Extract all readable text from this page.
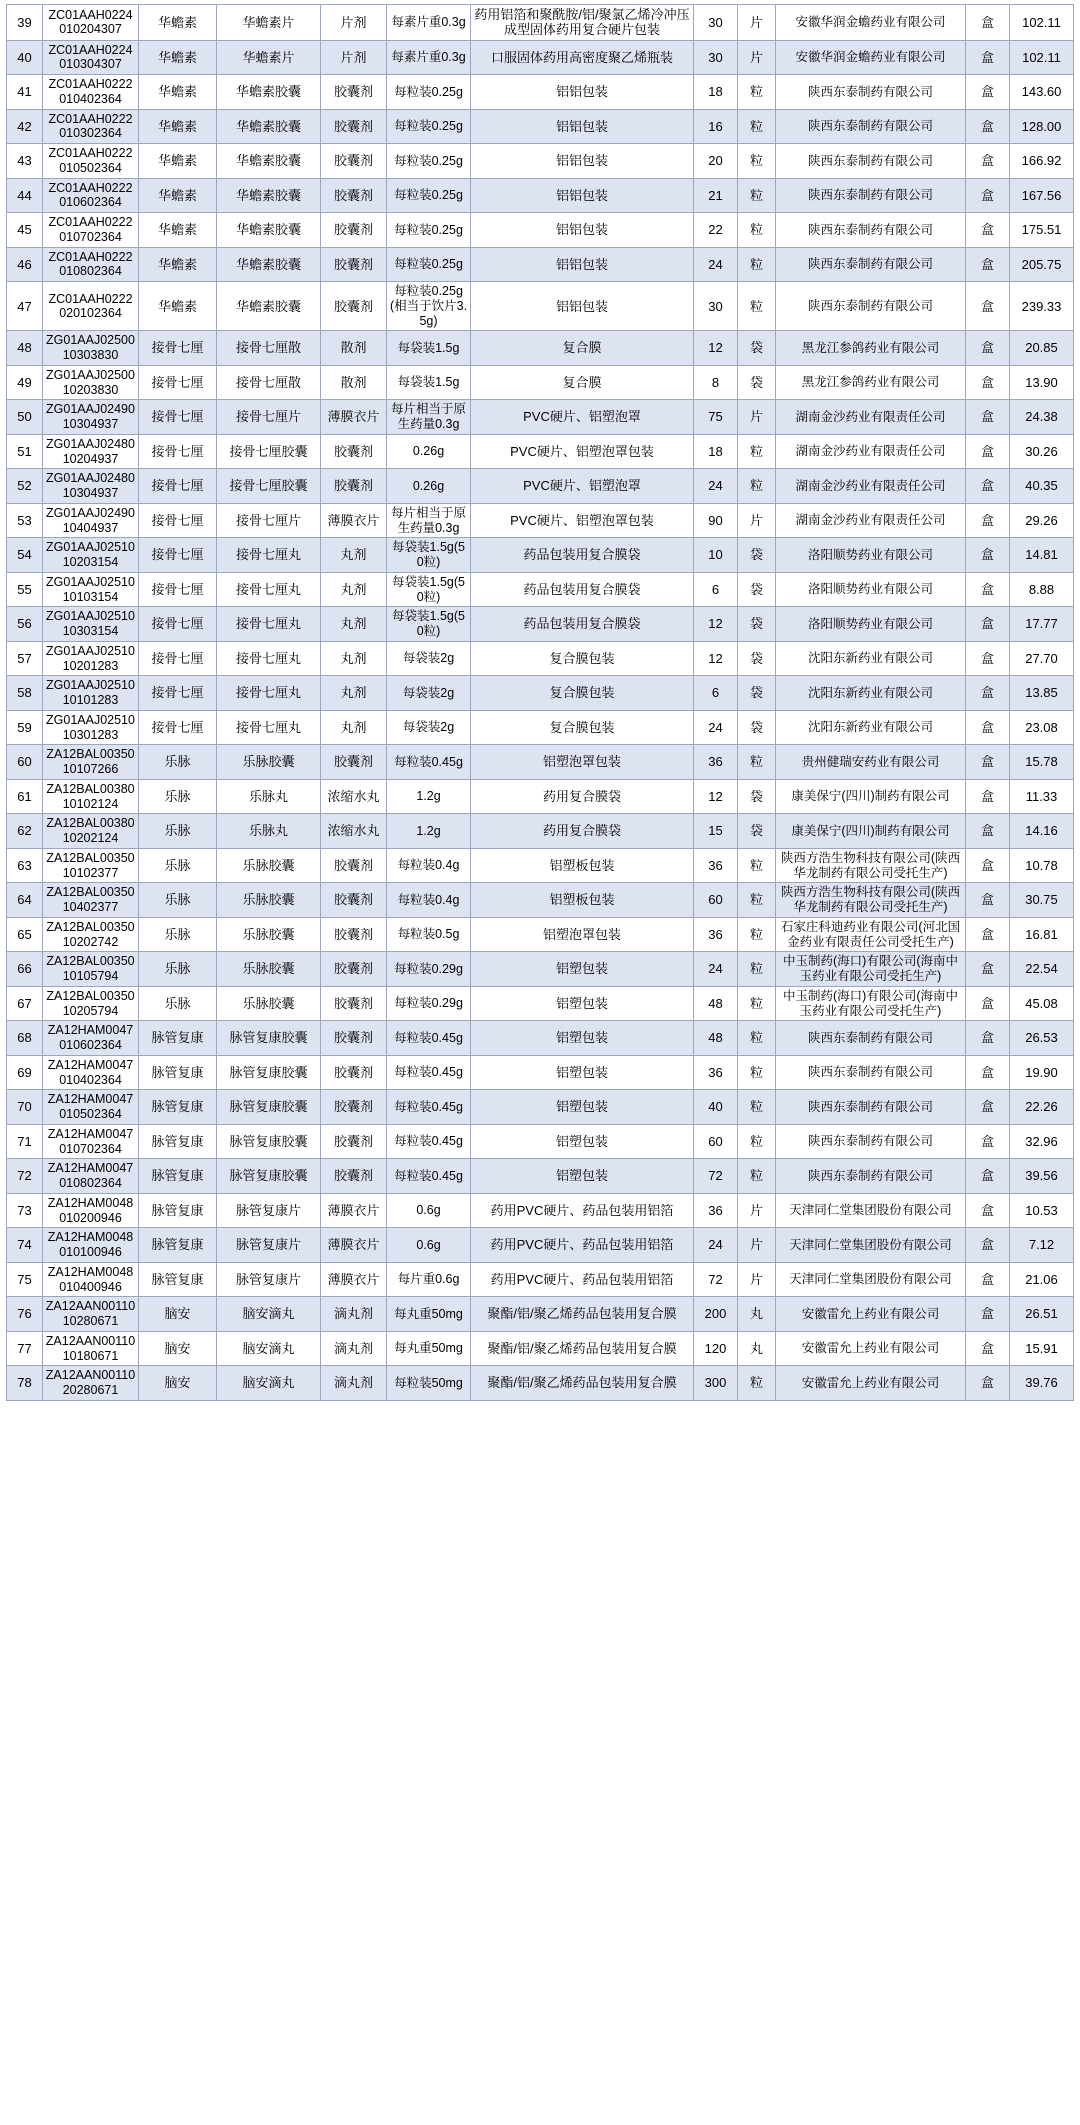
39	ZC01AAH0224010204307	华蟾素	华蟾素片	片剂	每素片重0.3g	药用铝箔和聚酰胺/铝/聚氯乙烯冷冲压成型固体药用复合硬片包装	30	片	安徽华润金蟾药业有限公司	盒	102.11
40	ZC01AAH0224010304307	华蟾素	华蟾素片	片剂	每素片重0.3g	口服固体药用高密度聚乙烯瓶装	30	片	安徽华润金蟾药业有限公司	盒	102.11
41	ZC01AAH0222010402364	华蟾素	华蟾素胶囊	胶囊剂	每粒装0.25g	铝铝包装	18	粒	陕西东泰制药有限公司	盒	143.60
42	ZC01AAH0222010302364	华蟾素	华蟾素胶囊	胶囊剂	每粒装0.25g	铝铝包装	16	粒	陕西东泰制药有限公司	盒	128.00
43	ZC01AAH0222010502364	华蟾素	华蟾素胶囊	胶囊剂	每粒装0.25g	铝铝包装	20	粒	陕西东泰制药有限公司	盒	166.92
44	ZC01AAH0222010602364	华蟾素	华蟾素胶囊	胶囊剂	每粒装0.25g	铝铝包装	21	粒	陕西东泰制药有限公司	盒	167.56
45	ZC01AAH0222010702364	华蟾素	华蟾素胶囊	胶囊剂	每粒装0.25g	铝铝包装	22	粒	陕西东泰制药有限公司	盒	175.51
46	ZC01AAH0222010802364	华蟾素	华蟾素胶囊	胶囊剂	每粒装0.25g	铝铝包装	24	粒	陕西东泰制药有限公司	盒	205.75
47	ZC01AAH0222020102364	华蟾素	华蟾素胶囊	胶囊剂	每粒装0.25g(相当于饮片3.5g)	铝铝包装	30	粒	陕西东泰制药有限公司	盒	239.33
48	ZG01AAJ0250010303830	接骨七厘	接骨七厘散	散剂	每袋装1.5g	复合膜	12	袋	黑龙江参鸽药业有限公司	盒	20.85
49	ZG01AAJ0250010203830	接骨七厘	接骨七厘散	散剂	每袋装1.5g	复合膜	8	袋	黑龙江参鸽药业有限公司	盒	13.90
50	ZG01AAJ0249010304937	接骨七厘	接骨七厘片	薄膜衣片	每片相当于原生药量0.3g	PVC硬片、铝塑泡罩	75	片	湖南金沙药业有限责任公司	盒	24.38
51	ZG01AAJ0248010204937	接骨七厘	接骨七厘胶囊	胶囊剂	0.26g	PVC硬片、铝塑泡罩包装	18	粒	湖南金沙药业有限责任公司	盒	30.26
52	ZG01AAJ0248010304937	接骨七厘	接骨七厘胶囊	胶囊剂	0.26g	PVC硬片、铝塑泡罩	24	粒	湖南金沙药业有限责任公司	盒	40.35
53	ZG01AAJ0249010404937	接骨七厘	接骨七厘片	薄膜衣片	每片相当于原生药量0.3g	PVC硬片、铝塑泡罩包装	90	片	湖南金沙药业有限责任公司	盒	29.26
54	ZG01AAJ0251010203154	接骨七厘	接骨七厘丸	丸剂	每袋装1.5g(50粒)	药品包装用复合膜袋	10	袋	洛阳顺势药业有限公司	盒	14.81
55	ZG01AAJ0251010103154	接骨七厘	接骨七厘丸	丸剂	每袋装1.5g(50粒)	药品包装用复合膜袋	6	袋	洛阳顺势药业有限公司	盒	8.88
56	ZG01AAJ0251010303154	接骨七厘	接骨七厘丸	丸剂	每袋装1.5g(50粒)	药品包装用复合膜袋	12	袋	洛阳顺势药业有限公司	盒	17.77
57	ZG01AAJ0251010201283	接骨七厘	接骨七厘丸	丸剂	每袋装2g	复合膜包装	12	袋	沈阳东新药业有限公司	盒	27.70
58	ZG01AAJ0251010101283	接骨七厘	接骨七厘丸	丸剂	每袋装2g	复合膜包装	6	袋	沈阳东新药业有限公司	盒	13.85
59	ZG01AAJ0251010301283	接骨七厘	接骨七厘丸	丸剂	每袋装2g	复合膜包装	24	袋	沈阳东新药业有限公司	盒	23.08
60	ZA12BAL0035010107266	乐脉	乐脉胶囊	胶囊剂	每粒装0.45g	铝塑泡罩包装	36	粒	贵州健瑞安药业有限公司	盒	15.78
61	ZA12BAL0038010102124	乐脉	乐脉丸	浓缩水丸	1.2g	药用复合膜袋	12	袋	康美保宁(四川)制药有限公司	盒	11.33
62	ZA12BAL0038010202124	乐脉	乐脉丸	浓缩水丸	1.2g	药用复合膜袋	15	袋	康美保宁(四川)制药有限公司	盒	14.16
63	ZA12BAL0035010102377	乐脉	乐脉胶囊	胶囊剂	每粒装0.4g	铝塑板包装	36	粒	陕西方浩生物科技有限公司(陕西华龙制药有限公司受托生产)	盒	10.78
64	ZA12BAL0035010402377	乐脉	乐脉胶囊	胶囊剂	每粒装0.4g	铝塑板包装	60	粒	陕西方浩生物科技有限公司(陕西华龙制药有限公司受托生产)	盒	30.75
65	ZA12BAL0035010202742	乐脉	乐脉胶囊	胶囊剂	每粒装0.5g	铝塑泡罩包装	36	粒	石家庄科迪药业有限公司(河北国金药业有限责任公司受托生产)	盒	16.81
66	ZA12BAL0035010105794	乐脉	乐脉胶囊	胶囊剂	每粒装0.29g	铝塑包装	24	粒	中玉制药(海口)有限公司(海南中玉药业有限公司受托生产)	盒	22.54
67	ZA12BAL0035010205794	乐脉	乐脉胶囊	胶囊剂	每粒装0.29g	铝塑包装	48	粒	中玉制药(海口)有限公司(海南中玉药业有限公司受托生产)	盒	45.08
68	ZA12HAM0047010602364	脉管复康	脉管复康胶囊	胶囊剂	每粒装0.45g	铝塑包装	48	粒	陕西东泰制药有限公司	盒	26.53
69	ZA12HAM0047010402364	脉管复康	脉管复康胶囊	胶囊剂	每粒装0.45g	铝塑包装	36	粒	陕西东泰制药有限公司	盒	19.90
70	ZA12HAM0047010502364	脉管复康	脉管复康胶囊	胶囊剂	每粒装0.45g	铝塑包装	40	粒	陕西东泰制药有限公司	盒	22.26
71	ZA12HAM0047010702364	脉管复康	脉管复康胶囊	胶囊剂	每粒装0.45g	铝塑包装	60	粒	陕西东泰制药有限公司	盒	32.96
72	ZA12HAM0047010802364	脉管复康	脉管复康胶囊	胶囊剂	每粒装0.45g	铝塑包装	72	粒	陕西东泰制药有限公司	盒	39.56
73	ZA12HAM0048010200946	脉管复康	脉管复康片	薄膜衣片	0.6g	药用PVC硬片、药品包装用铝箔	36	片	天津同仁堂集团股份有限公司	盒	10.53
74	ZA12HAM0048010100946	脉管复康	脉管复康片	薄膜衣片	0.6g	药用PVC硬片、药品包装用铝箔	24	片	天津同仁堂集团股份有限公司	盒	7.12
75	ZA12HAM0048010400946	脉管复康	脉管复康片	薄膜衣片	每片重0.6g	药用PVC硬片、药品包装用铝箔	72	片	天津同仁堂集团股份有限公司	盒	21.06
76	ZA12AAN0011010280671	脑安	脑安滴丸	滴丸剂	每丸重50mg	聚酯/铝/聚乙烯药品包装用复合膜	200	丸	安徽雷允上药业有限公司	盒	26.51
77	ZA12AAN0011010180671	脑安	脑安滴丸	滴丸剂	每丸重50mg	聚酯/铝/聚乙烯药品包装用复合膜	120	丸	安徽雷允上药业有限公司	盒	15.91
78	ZA12AAN0011020280671	脑安	脑安滴丸	滴丸剂	每粒装50mg	聚酯/铝/聚乙烯药品包装用复合膜	300	粒	安徽雷允上药业有限公司	盒	39.76
